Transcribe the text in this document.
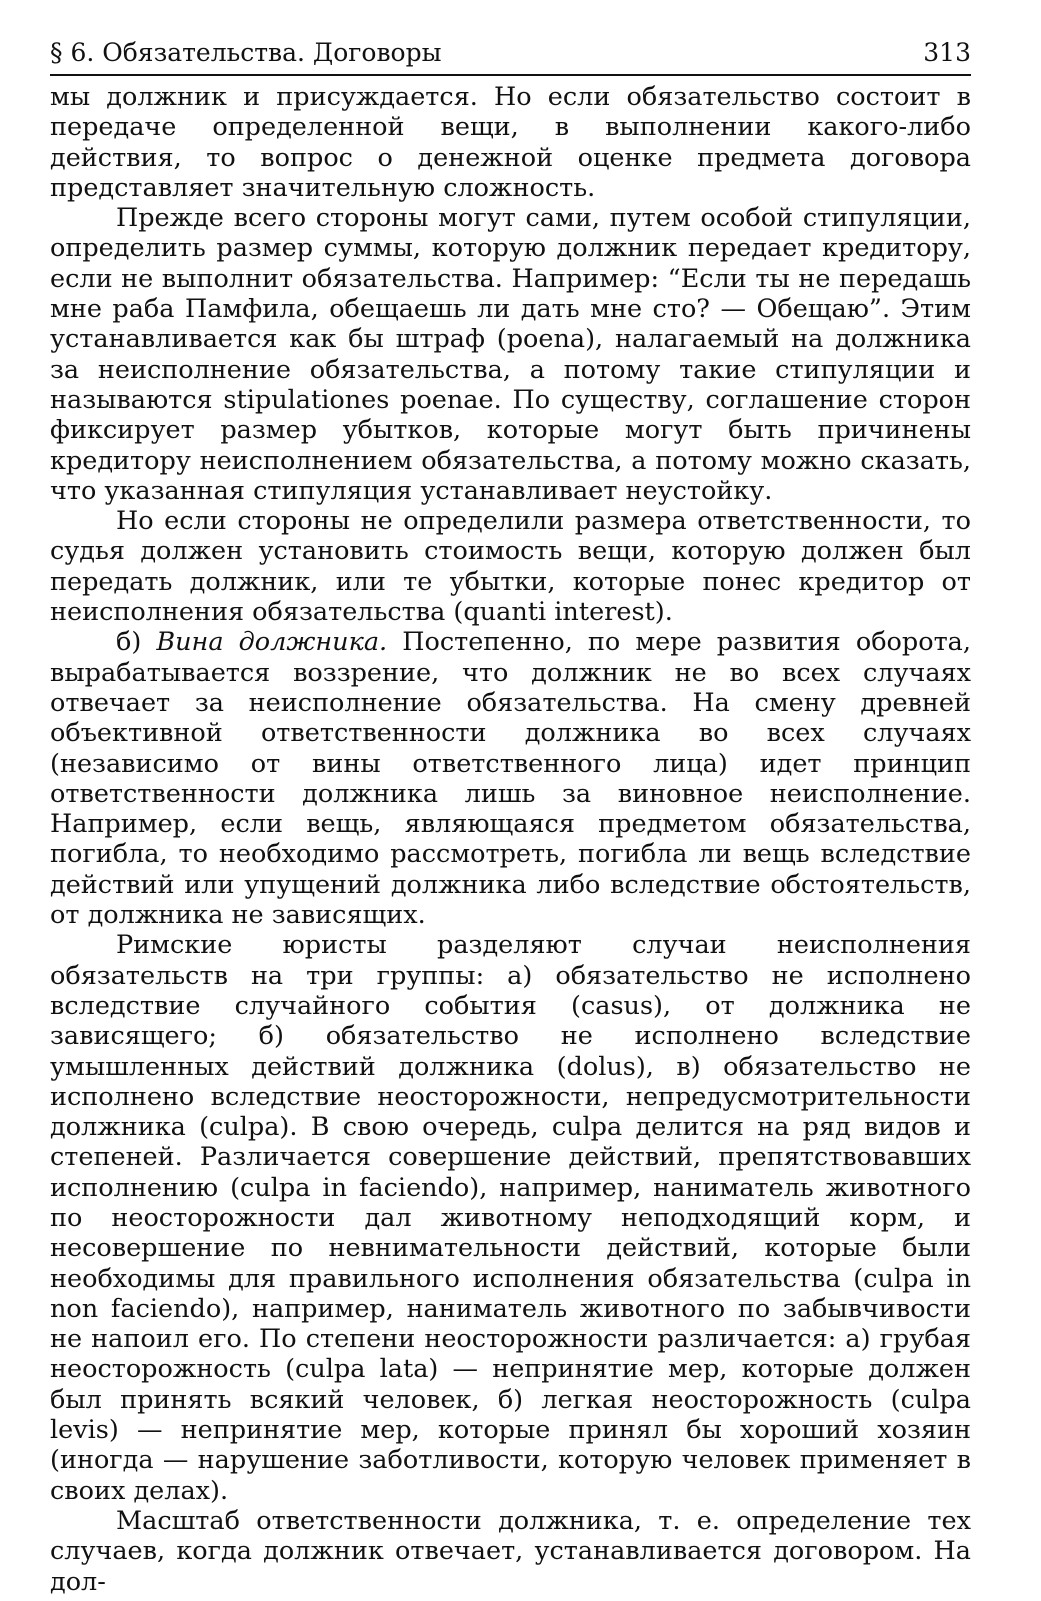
§ 6. Обязательства. Договоры	313

мы должник и присуждается. Но если обязательство состоит в передаче определенной вещи, в выполнении какого-либо действия, то вопрос о денежной оценке предмета договора представляет значительную сложность.

Прежде всего стороны могут сами, путем особой стипуляции, определить размер суммы, которую должник передает кредитору, если не выполнит обязательства. Например: “Если ты не передашь мне раба Памфила, обещаешь ли дать мне сто? — Обещаю”. Этим устанавливается как бы штраф (poena), налагаемый на должника за неисполнение обязательства, а потому такие стипуляции и называются stipulationes poenae. По существу, соглашение сторон фиксирует размер убытков, которые могут быть причинены кредитору неисполнением обязательства, а потому можно сказать, что указанная стипуляция устанавливает неустойку.

Но если стороны не определили размера ответственности, то судья должен установить стоимость вещи, которую должен был передать должник, или те убытки, которые понес кредитор от неисполнения обязательства (quanti interest).

б) Вина должника. Постепенно, по мере развития оборота, вырабатывается воззрение, что должник не во всех случаях отвечает за неисполнение обязательства. На смену древней объективной ответственности должника во всех случаях (независимо от вины ответственного лица) идет принцип ответственности должника лишь за виновное неисполнение. Например, если вещь, являющаяся предметом обязательства, погибла, то необходимо рассмотреть, погибла ли вещь вследствие действий или упущений должника либо вследствие обстоятельств, от должника не зависящих.

Римские юристы разделяют случаи неисполнения обязательств на три группы: а) обязательство не исполнено вследствие случайного события (casus), от должника не зависящего; б) обязательство не исполнено вследствие умышленных действий должника (dolus), в) обязательство не исполнено вследствие неосторожности, непредусмотрительности должника (culpa). В свою очередь, culpa делится на ряд видов и степеней. Различается совершение действий, препятствовавших исполнению (culpa in faciendo), например, наниматель животного по неосторожности дал животному неподходящий корм, и несовершение по невнимательности действий, которые были необходимы для правильного исполнения обязательства (culpa in non faciendo), например, наниматель животного по забывчивости не напоил его. По степени неосторожности различается: а) грубая неосторожность (culpa lata) — непринятие мер, которые должен был принять всякий человек, б) легкая неосторожность (culpa levis) — непринятие мер, которые принял бы хороший хозяин (иногда — нарушение заботливости, которую человек применяет в своих делах).

Масштаб ответственности должника, т. е. определение тех случаев, когда должник отвечает, устанавливается договором. На дол-
